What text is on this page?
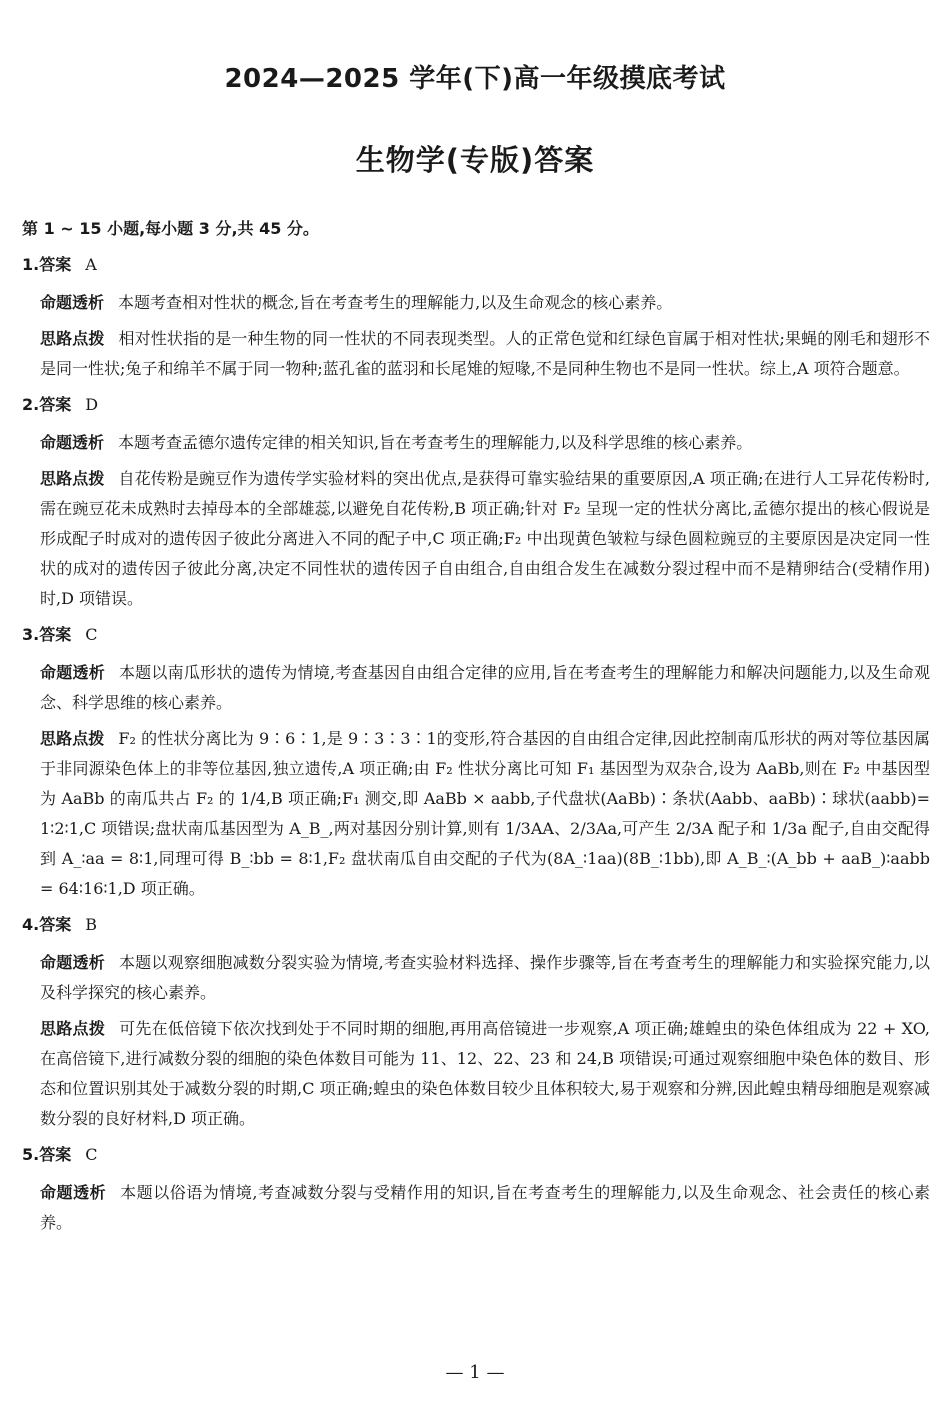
2024—2025 学年(下)高一年级摸底考试
生物学(专版)答案
第 1 ~ 15 小题,每小题 3 分,共 45 分。
1.答案 A

命题透析 本题考查相对性状的概念,旨在考查考生的理解能力,以及生命观念的核心素养。

思路点拨 相对性状指的是一种生物的同一性状的不同表现类型。人的正常色觉和红绿色盲属于相对性状;果蝇的刚毛和翅形不是同一性状;兔子和绵羊不属于同一物种;蓝孔雀的蓝羽和长尾雉的短喙,不是同种生物也不是同一性状。综上,A 项符合题意。

2.答案 D

命题透析 本题考查孟德尔遗传定律的相关知识,旨在考查考生的理解能力,以及科学思维的核心素养。

思路点拨 自花传粉是豌豆作为遗传学实验材料的突出优点,是获得可靠实验结果的重要原因,A 项正确;在进行人工异花传粉时,需在豌豆花未成熟时去掉母本的全部雄蕊,以避免自花传粉,B 项正确;针对 F₂ 呈现一定的性状分离比,孟德尔提出的核心假说是形成配子时成对的遗传因子彼此分离进入不同的配子中,C 项正确;F₂ 中出现黄色皱粒与绿色圆粒豌豆的主要原因是决定同一性状的成对的遗传因子彼此分离,决定不同性状的遗传因子自由组合,自由组合发生在减数分裂过程中而不是精卵结合(受精作用)时,D 项错误。

3.答案 C

命题透析 本题以南瓜形状的遗传为情境,考查基因自由组合定律的应用,旨在考查考生的理解能力和解决问题能力,以及生命观念、科学思维的核心素养。

思路点拨 F₂ 的性状分离比为 9∶6∶1,是 9∶3∶3∶1的变形,符合基因的自由组合定律,因此控制南瓜形状的两对等位基因属于非同源染色体上的非等位基因,独立遗传,A 项正确;由 F₂ 性状分离比可知 F₁ 基因型为双杂合,设为 AaBb,则在 F₂ 中基因型为 AaBb 的南瓜共占 F₂ 的 1/4,B 项正确;F₁ 测交,即 AaBb × aabb,子代盘状(AaBb)∶条状(Aabb、aaBb)∶球状(aabb)= 1∶2∶1,C 项错误;盘状南瓜基因型为 A_B_,两对基因分别计算,则有 1/3AA、2/3Aa,可产生 2/3A 配子和 1/3a 配子,自由交配得到 A_∶aa = 8∶1,同理可得 B_∶bb = 8∶1,F₂ 盘状南瓜自由交配的子代为(8A_∶1aa)(8B_∶1bb),即 A_B_∶(A_bb + aaB_)∶aabb = 64∶16∶1,D 项正确。

4.答案 B

命题透析 本题以观察细胞减数分裂实验为情境,考查实验材料选择、操作步骤等,旨在考查考生的理解能力和实验探究能力,以及科学探究的核心素养。

思路点拨 可先在低倍镜下依次找到处于不同时期的细胞,再用高倍镜进一步观察,A 项正确;雄蝗虫的染色体组成为 22 + XO,在高倍镜下,进行减数分裂的细胞的染色体数目可能为 11、12、22、23 和 24,B 项错误;可通过观察细胞中染色体的数目、形态和位置识别其处于减数分裂的时期,C 项正确;蝗虫的染色体数目较少且体积较大,易于观察和分辨,因此蝗虫精母细胞是观察减数分裂的良好材料,D 项正确。

5.答案 C

命题透析 本题以俗语为情境,考查减数分裂与受精作用的知识,旨在考查考生的理解能力,以及生命观念、社会责任的核心素养。

— 1 —
